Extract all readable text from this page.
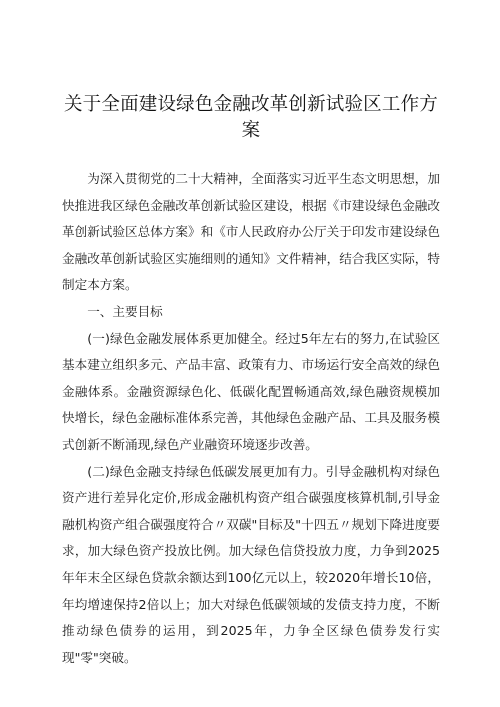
关于全面建设绿色金融改革创新试验区工作方案

为深入贯彻党的二十大精神，全面落实习近平生态文明思想，加快推进我区绿色金融改革创新试验区建设，根据《市建设绿色金融改革创新试验区总体方案》和《市人民政府办公厅关于印发市建设绿色金融改革创新试验区实施细则的通知》文件精神，结合我区实际，特制定本方案。

一、主要目标

(一)绿色金融发展体系更加健全。经过5年左右的努力,在试验区基本建立组织多元、产品丰富、政策有力、市场运行安全高效的绿色金融体系。金融资源绿色化、低碳化配置畅通高效,绿色融资规模加快增长，绿色金融标准体系完善，其他绿色金融产品、工具及服务模式创新不断涌现,绿色产业融资环境逐步改善。

(二)绿色金融支持绿色低碳发展更加有力。引导金融机构对绿色资产进行差异化定价,形成金融机构资产组合碳强度核算机制,引导金融机构资产组合碳强度符合〃双碳"目标及"十四五〃规划下降进度要求，加大绿色资产投放比例。加大绿色信贷投放力度，力争到2025年年末全区绿色贷款余额达到100亿元以上，较2020年增长10倍，年均增速保持2倍以上；加大对绿色低碳领域的发债支持力度，不断推动绿色债券的运用，到2025年，力争全区绿色债券发行实现"零"突破。
